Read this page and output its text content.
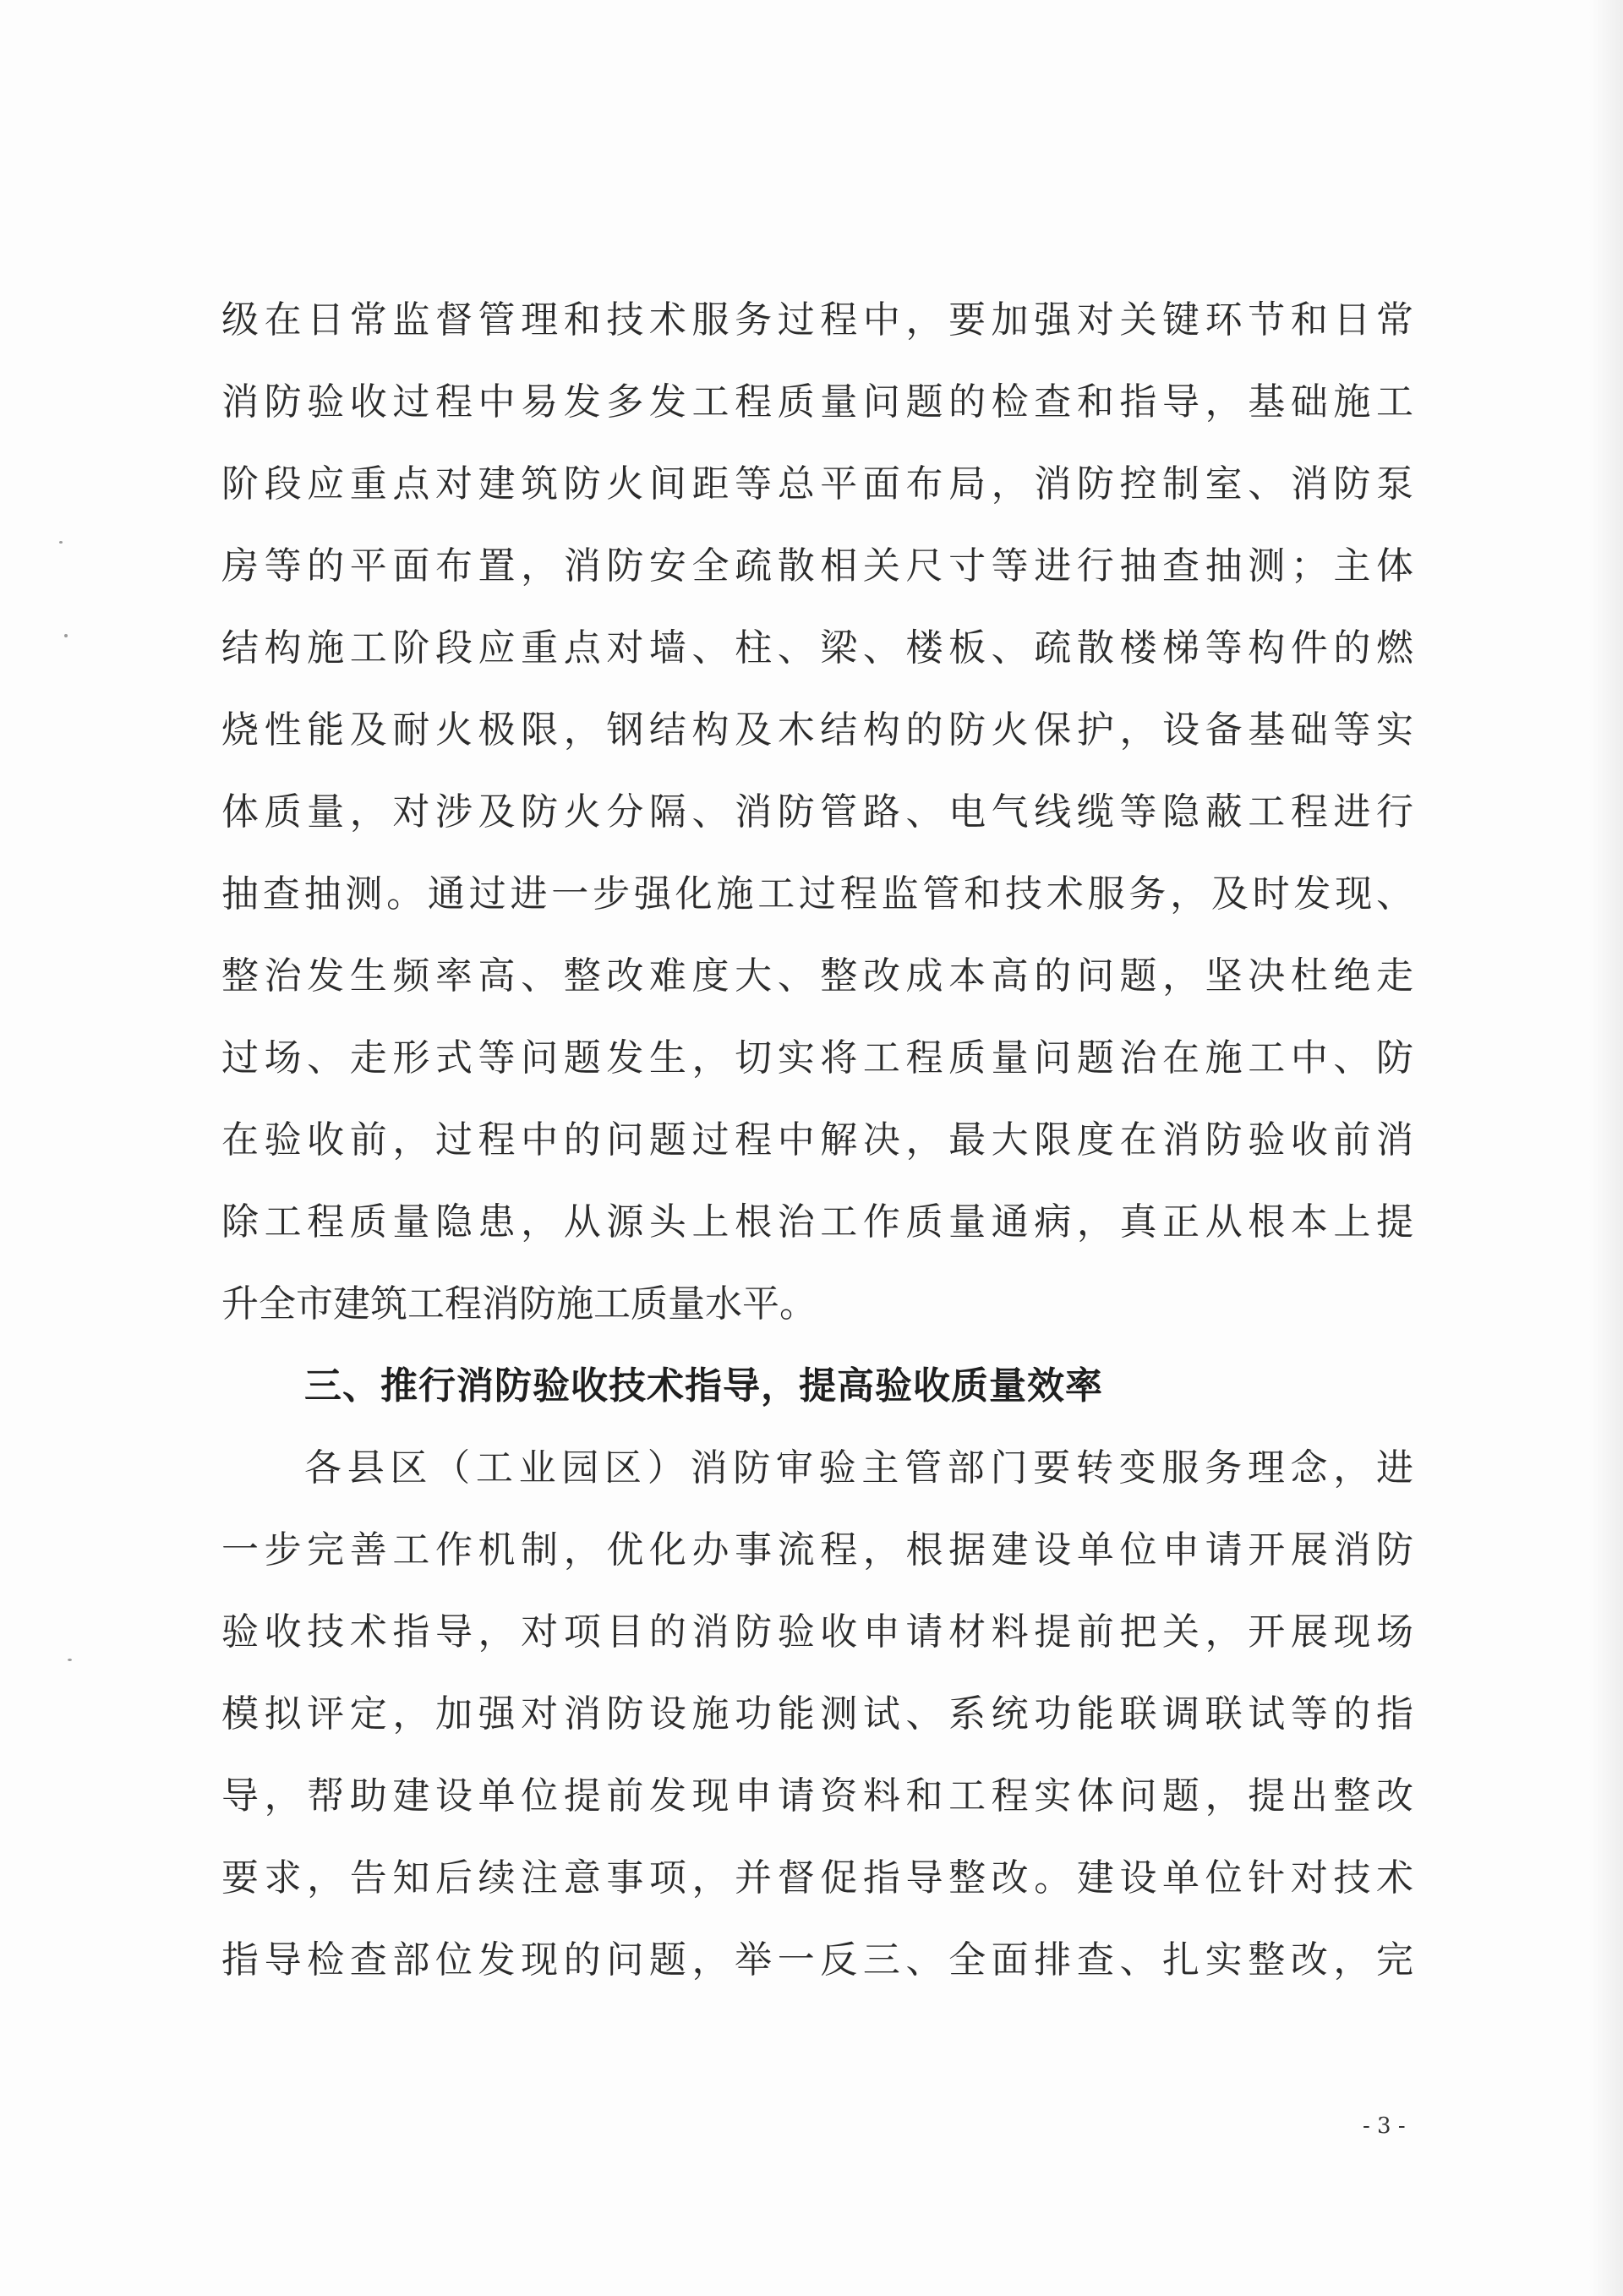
级在日常监督管理和技术服务过程中，要加强对关键环节和日常
消防验收过程中易发多发工程质量问题的检查和指导，基础施工
阶段应重点对建筑防火间距等总平面布局，消防控制室、消防泵
房等的平面布置，消防安全疏散相关尺寸等进行抽查抽测；主体
结构施工阶段应重点对墙、柱、梁、楼板、疏散楼梯等构件的燃
烧性能及耐火极限，钢结构及木结构的防火保护，设备基础等实
体质量，对涉及防火分隔、消防管路、电气线缆等隐蔽工程进行
抽查抽测。通过进一步强化施工过程监管和技术服务，及时发现、
整治发生频率高、整改难度大、整改成本高的问题，坚决杜绝走
过场、走形式等问题发生，切实将工程质量问题治在施工中、防
在验收前，过程中的问题过程中解决，最大限度在消防验收前消
除工程质量隐患，从源头上根治工作质量通病，真正从根本上提
升全市建筑工程消防施工质量水平。
三、推行消防验收技术指导，提高验收质量效率
各县区（工业园区）消防审验主管部门要转变服务理念，进
一步完善工作机制，优化办事流程，根据建设单位申请开展消防
验收技术指导，对项目的消防验收申请材料提前把关，开展现场
模拟评定，加强对消防设施功能测试、系统功能联调联试等的指
导，帮助建设单位提前发现申请资料和工程实体问题，提出整改
要求，告知后续注意事项，并督促指导整改。建设单位针对技术
指导检查部位发现的问题，举一反三、全面排查、扎实整改，完
- 3 -
